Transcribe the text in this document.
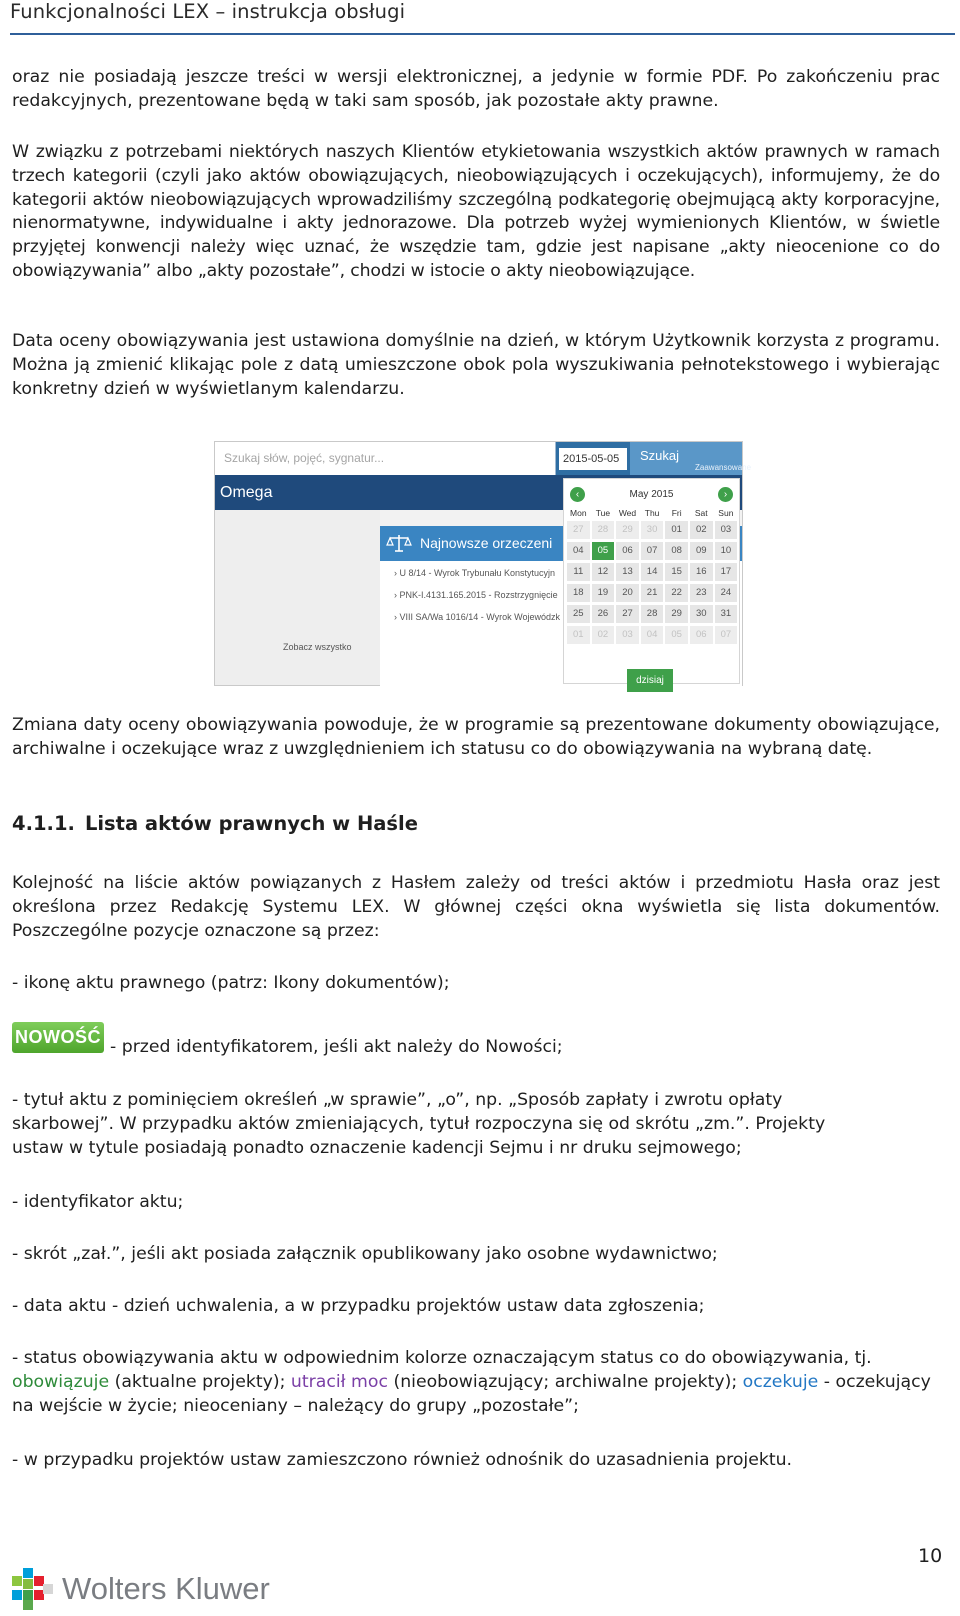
Funkcjonalności LEX – instrukcja obsługi

oraz nie posiadają jeszcze treści w wersji elektronicznej, a jedynie w formie PDF. Po zakończeniu prac redakcyjnych, prezentowane będą w taki sam sposób, jak pozostałe akty prawne.

W związku z potrzebami niektórych naszych Klientów etykietowania wszystkich aktów prawnych w ramach trzech kategorii (czyli jako aktów obowiązujących, nieobowiązujących i oczekujących), informujemy, że do kategorii aktów nieobowiązujących wprowadziliśmy szczególną podkategorię obejmującą akty korporacyjne, nienormatywne, indywidualne i akty jednorazowe. Dla potrzeb wyżej wymienionych Klientów, w świetle przyjętej konwencji należy więc uznać, że wszędzie tam, gdzie jest napisane „akty nieocenione co do obowiązywania” albo „akty pozostałe”, chodzi w istocie o akty nieobowiązujące.

Data oceny obowiązywania jest ustawiona domyślnie na dzień, w którym Użytkownik korzysta z programu. Można ją zmienić klikając pole z datą umieszczone obok pola wyszukiwania pełnotekstowego i wybierając konkretny dzień w wyświetlanym kalendarzu.

Szukaj słów, pojęć, sygnatur...	2015-05-05	Szukaj
Zaawansowane
Omega
Najnowsze orzeczeni
› U 8/14 - Wyrok Trybunału Konstytucyjn
› PNK-I.4131.165.2015 - Rozstrzygnięcie
› VIII SA/Wa 1016/14 - Wyrok Wojewódzk
Zobacz wszystko
May 2015
‹	›
Mon	Tue	Wed	Thu	Fri	Sat	Sun
27	28	29	30	01	02	03
04	05	06	07	08	09	10
11	12	13	14	15	16	17
18	19	20	21	22	23	24
25	26	27	28	29	30	31
01	02	03	04	05	06	07
dzisiaj

Zmiana daty oceny obowiązywania powoduje, że w programie są prezentowane dokumenty obowiązujące, archiwalne i oczekujące wraz z uwzględnieniem ich statusu co do obowiązywania na wybraną datę.

4.1.1. Lista aktów prawnych w Haśle

Kolejność na liście aktów powiązanych z Hasłem zależy od treści aktów i przedmiotu Hasła oraz jest określona przez Redakcję Systemu LEX. W głównej części okna wyświetla się lista dokumentów. Poszczególne pozycje oznaczone są przez:

- ikonę aktu prawnego (patrz: Ikony dokumentów);

NOWOŚĆ - przed identyfikatorem, jeśli akt należy do Nowości;

- tytuł aktu z pominięciem określeń „w sprawie”, „o”, np. „Sposób zapłaty i zwrotu opłaty skarbowej”. W przypadku aktów zmieniających, tytuł rozpoczyna się od skrótu „zm.”. Projekty ustaw w tytule posiadają ponadto oznaczenie kadencji Sejmu i nr druku sejmowego;

- identyfikator aktu;

- skrót „zał.”, jeśli akt posiada załącznik opublikowany jako osobne wydawnictwo;

- data aktu - dzień uchwalenia, a w przypadku projektów ustaw data zgłoszenia;

- status obowiązywania aktu w odpowiednim kolorze oznaczającym status co do obowiązywania, tj.
obowiązuje (aktualne projekty); utracił moc (nieobowiązujący; archiwalne projekty); oczekuje - oczekujący na wejście w życie; nieoceniany – należący do grupy „pozostałe”;

- w przypadku projektów ustaw zamieszczono również odnośnik do uzasadnienia projektu.

10
Wolters Kluwer
